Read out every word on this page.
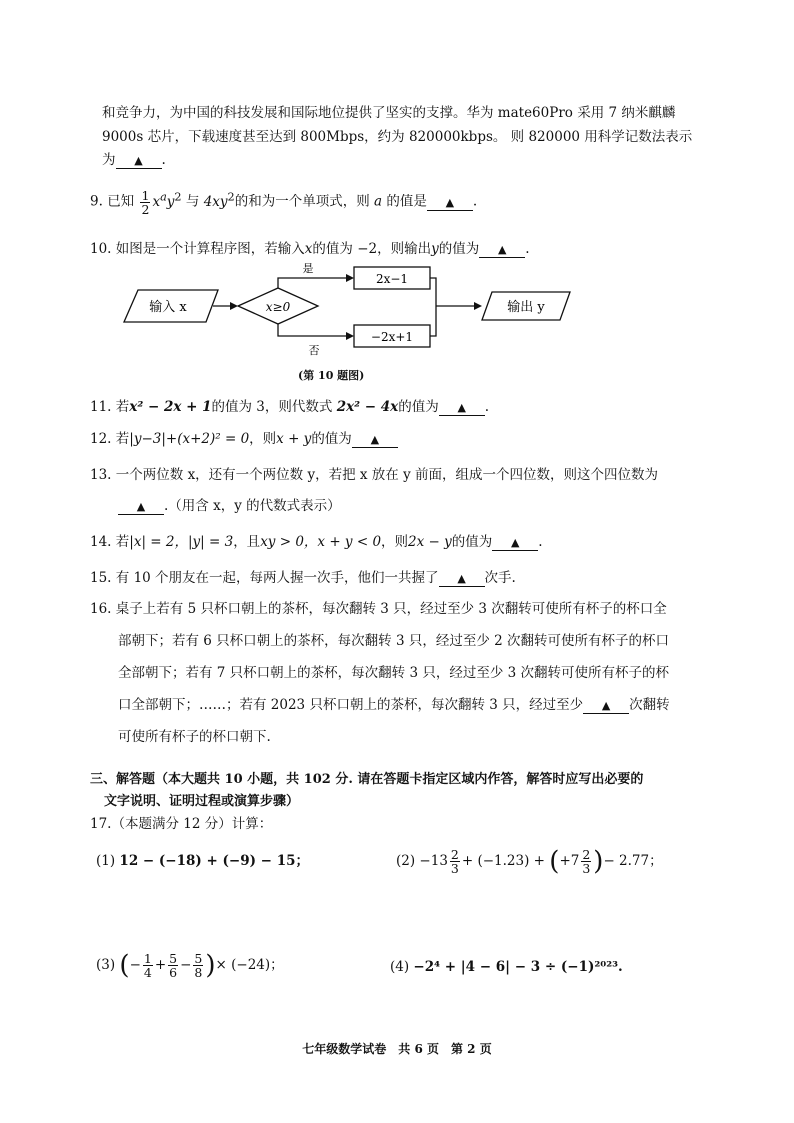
和竞争力，为中国的科技发展和国际地位提供了坚实的支撑。华为 mate60Pro 采用 7 纳米麒麟
9000s 芯片，下载速度甚至达到 800Mbps，约为 820000kbps。 则 820000 用科学记数法表示
为 ▲ .
9. 已知 $\frac{1}{2} x^ay^2$ 与 $4xy^2$的和为一个单项式，则 a 的值是 ▲ .
10. 如图是一个计算程序图，若输入x的值为 −2，则输出y的值为 ▲ .
输入 x	x≥0
是
否
2x−1
−2x+1
输出 y
(第 10 题图)
11. 若x² − 2x + 1的值为 3，则代数式 2x² − 4x的值为 ▲ .
12. 若|y−3|+(x+2)² = 0，则x + y的值为 ▲
13. 一个两位数 x，还有一个两位数 y，若把 x 放在 y 前面，组成一个四位数，则这个四位数为
▲ .（用含 x，y 的代数式表示）
14. 若|x| = 2，|y| = 3，且xy > 0，x + y < 0，则2x − y的值为 ▲ .
15. 有 10 个朋友在一起，每两人握一次手，他们一共握了 ▲ 次手.
16. 桌子上若有 5 只杯口朝上的茶杯，每次翻转 3 只，经过至少 3 次翻转可使所有杯子的杯口全
部朝下；若有 6 只杯口朝上的茶杯，每次翻转 3 只，经过至少 2 次翻转可使所有杯子的杯口
全部朝下；若有 7 只杯口朝上的茶杯，每次翻转 3 只，经过至少 3 次翻转可使所有杯子的杯
口全部朝下；……；若有 2023 只杯口朝上的茶杯，每次翻转 3 只，经过至少 ▲ 次翻转
可使所有杯子的杯口朝下.
三、解答题（本大题共 10 小题，共 102 分. 请在答题卡指定区域内作答，解答时应写出必要的
文字说明、证明过程或演算步骤）
17.（本题满分 12 分）计算：
(1) 12 − (−18) + (−9) − 15；	$(2) -13 \frac{2}{3} + (-1.23) + (+7 \frac{2}{3}$ )− 2.77；
(3) (− $\frac{1}{4} + \frac{5}{6} - \frac{5}{8}$ )× (−24)；	(4) −2⁴ + |4 − 6| − 3 ÷ (−1)²⁰²³.
七年级数学试卷　共 6 页　第 2 页
